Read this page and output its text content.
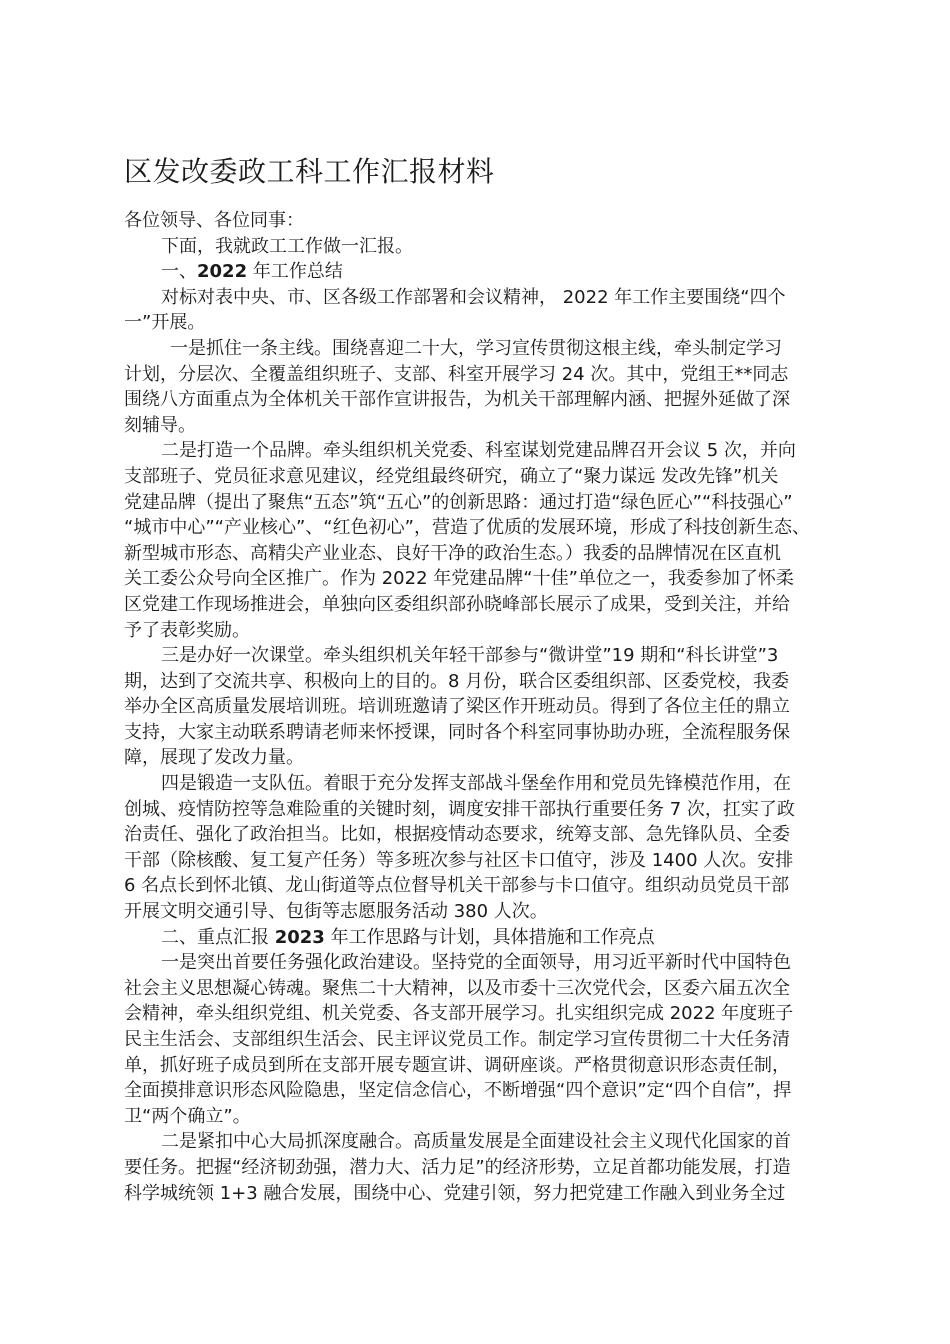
区发改委政工科工作汇报材料
各位领导、各位同事：
下面，我就政工工作做一汇报。
一、2022 年工作总结
对标对表中央、市、区各级工作部署和会议精神， 2022 年工作主要围绕“四个
一”开展。
一是抓住一条主线。围绕喜迎二十大，学习宣传贯彻这根主线，牵头制定学习
计划，分层次、全覆盖组织班子、支部、科室开展学习 24 次。其中，党组王**同志
围绕八方面重点为全体机关干部作宣讲报告，为机关干部理解内涵、把握外延做了深
刻辅导。
二是打造一个品牌。牵头组织机关党委、科室谋划党建品牌召开会议 5 次，并向
支部班子、党员征求意见建议，经党组最终研究，确立了“聚力谋远 发改先锋”机关
党建品牌（提出了聚焦“五态”筑“五心”的创新思路：通过打造“绿色匠心”“科技强心”
“城市中心”“产业核心”、“红色初心”，营造了优质的发展环境，形成了科技创新生态、
新型城市形态、高精尖产业业态、良好干净的政治生态。）我委的品牌情况在区直机
关工委公众号向全区推广。作为 2022 年党建品牌“十佳”单位之一，我委参加了怀柔
区党建工作现场推进会，单独向区委组织部孙晓峰部长展示了成果，受到关注，并给
予了表彰奖励。
三是办好一次课堂。牵头组织机关年轻干部参与“微讲堂”19 期和“科长讲堂”3
期，达到了交流共享、积极向上的目的。8 月份，联合区委组织部、区委党校，我委
举办全区高质量发展培训班。培训班邀请了梁区作开班动员。得到了各位主任的鼎立
支持，大家主动联系聘请老师来怀授课，同时各个科室同事协助办班，全流程服务保
障，展现了发改力量。
四是锻造一支队伍。着眼于充分发挥支部战斗堡垒作用和党员先锋模范作用，在
创城、疫情防控等急难险重的关键时刻，调度安排干部执行重要任务 7 次，扛实了政
治责任、强化了政治担当。比如，根据疫情动态要求，统筹支部、急先锋队员、全委
干部（除核酸、复工复产任务）等多班次参与社区卡口值守，涉及 1400 人次。安排
6 名点长到怀北镇、龙山街道等点位督导机关干部参与卡口值守。组织动员党员干部
开展文明交通引导、包街等志愿服务活动 380 人次。
二、重点汇报 2023 年工作思路与计划，具体措施和工作亮点
一是突出首要任务强化政治建设。坚持党的全面领导，用习近平新时代中国特色
社会主义思想凝心铸魂。聚焦二十大精神，以及市委十三次党代会，区委六届五次全
会精神，牵头组织党组、机关党委、各支部开展学习。扎实组织完成 2022 年度班子
民主生活会、支部组织生活会、民主评议党员工作。制定学习宣传贯彻二十大任务清
单，抓好班子成员到所在支部开展专题宣讲、调研座谈。严格贯彻意识形态责任制，
全面摸排意识形态风险隐患，坚定信念信心，不断增强“四个意识”定“四个自信”，捍
卫“两个确立”。
二是紧扣中心大局抓深度融合。高质量发展是全面建设社会主义现代化国家的首
要任务。把握“经济韧劲强，潜力大、活力足”的经济形势，立足首都功能发展，打造
科学城统领 1+3 融合发展，围绕中心、党建引领，努力把党建工作融入到业务全过
